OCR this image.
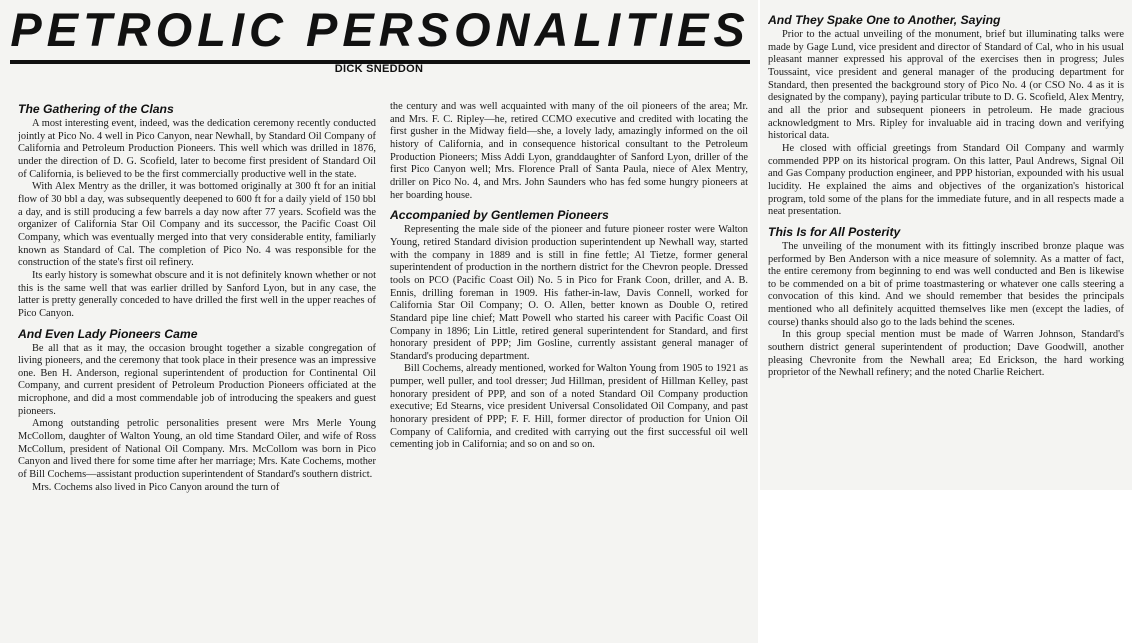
PETROLIC PERSONALITIES

DICK SNEDDON

The Gathering of the Clans

A most interesting event, indeed, was the dedication ceremony recently conducted jointly at Pico No. 4 well in Pico Canyon, near Newhall, by Standard Oil Company of California and Petroleum Production Pioneers. This well which was drilled in 1876, under the direction of D. G. Scofield, later to become first president of Standard Oil of California, is believed to be the first commercially productive well in the state.

With Alex Mentry as the driller, it was bottomed originally at 300 ft for an initial flow of 30 bbl a day, was subsequently deepened to 600 ft for a daily yield of 150 bbl a day, and is still producing a few barrels a day now after 77 years. Scofield was the organizer of California Star Oil Company and its successor, the Pacific Coast Oil Company, which was eventually merged into that very considerable entity, familiarly known as Standard of Cal. The completion of Pico No. 4 was responsible for the construction of the state's first oil refinery.

Its early history is somewhat obscure and it is not definitely known whether or not this is the same well that was earlier drilled by Sanford Lyon, but in any case, the latter is pretty generally conceded to have drilled the first well in the upper reaches of Pico Canyon.

And Even Lady Pioneers Came

Be all that as it may, the occasion brought together a sizable congregation of living pioneers, and the ceremony that took place in their presence was an impressive one. Ben H. Anderson, regional superintendent of production for Continental Oil Company, and current president of Petroleum Production Pioneers officiated at the microphone, and did a most commendable job of introducing the speakers and guest pioneers.

Among outstanding petrolic personalities present were Mrs Merle Young McCollom, daughter of Walton Young, an old time Standard Oiler, and wife of Ross McCollum, president of National Oil Company. Mrs. McCollom was born in Pico Canyon and lived there for some time after her marriage; Mrs. Kate Cochems, mother of Bill Cochems—assistant production superintendent of Standard's southern district.

Mrs. Cochems also lived in Pico Canyon around the turn of

the century and was well acquainted with many of the oil pioneers of the area; Mr. and Mrs. F. C. Ripley—he, retired CCMO executive and credited with locating the first gusher in the Midway field—she, a lovely lady, amazingly informed on the oil history of California, and in consequence historical consultant to the Petroleum Production Pioneers; Miss Addi Lyon, granddaughter of Sanford Lyon, driller of the first Pico Canyon well; Mrs. Florence Prall of Santa Paula, niece of Alex Mentry, driller on Pico No. 4, and Mrs. John Saunders who has fed some hungry pioneers at her boarding house.

Accompanied by Gentlemen Pioneers

Representing the male side of the pioneer and future pioneer roster were Walton Young, retired Standard division production superintendent up Newhall way, started with the company in 1889 and is still in fine fettle; Al Tietze, former general superintendent of production in the northern district for the Chevron people. Dressed tools on PCO (Pacific Coast Oil) No. 5 in Pico for Frank Coon, driller, and A. B. Ennis, drilling foreman in 1909. His father-in-law, Davis Connell, worked for California Star Oil Company; O. O. Allen, better known as Double O, retired Standard pipe line chief; Matt Powell who started his career with Pacific Coast Oil Company in 1896; Lin Little, retired general superintendent for Standard, and first honorary president of PPP; Jim Gosline, currently assistant general manager of Standard's producing department.

Bill Cochems, already mentioned, worked for Walton Young from 1905 to 1921 as pumper, well puller, and tool dresser; Jud Hillman, president of Hillman Kelley, past honorary president of PPP, and son of a noted Standard Oil Company production executive; Ed Stearns, vice president Universal Consolidated Oil Company, and past honorary president of PPP; F. F. Hill, former director of production for Union Oil Company of California, and credited with carrying out the first successful oil well cementing job in California; and so on and so on.

And They Spake One to Another, Saying

Prior to the actual unveiling of the monument, brief but illuminating talks were made by Gage Lund, vice president and director of Standard of Cal, who in his usual pleasant manner expressed his approval of the exercises then in progress; Jules Toussaint, vice president and general manager of the producing department for Standard, then presented the background story of Pico No. 4 (or CSO No. 4 as it is designated by the company), paying particular tribute to D. G. Scofield, Alex Mentry, and all the prior and subsequent pioneers in petroleum. He made gracious acknowledgment to Mrs. Ripley for invaluable aid in tracing down and verifying historical data.

He closed with official greetings from Standard Oil Company and warmly commended PPP on its historical program. On this latter, Paul Andrews, Signal Oil and Gas Company production engineer, and PPP historian, expounded with his usual lucidity. He explained the aims and objectives of the organization's historical program, told some of the plans for the immediate future, and in all respects made a neat presentation.

This Is for All Posterity

The unveiling of the monument with its fittingly inscribed bronze plaque was performed by Ben Anderson with a nice measure of solemnity. As a matter of fact, the entire ceremony from beginning to end was well conducted and Ben is likewise to be commended on a bit of prime toastmastering or whatever one calls steering a convocation of this kind. And we should remember that besides the principals mentioned who all definitely acquitted themselves like men (except the ladies, of course) thanks should also go to the lads behind the scenes.

In this group special mention must be made of Warren Johnson, Standard's southern district general superintendent of production; Dave Goodwill, another pleasing Chevronite from the Newhall area; Ed Erickson, the hard working proprietor of the Newhall refinery; and the noted Charlie Reichert.
